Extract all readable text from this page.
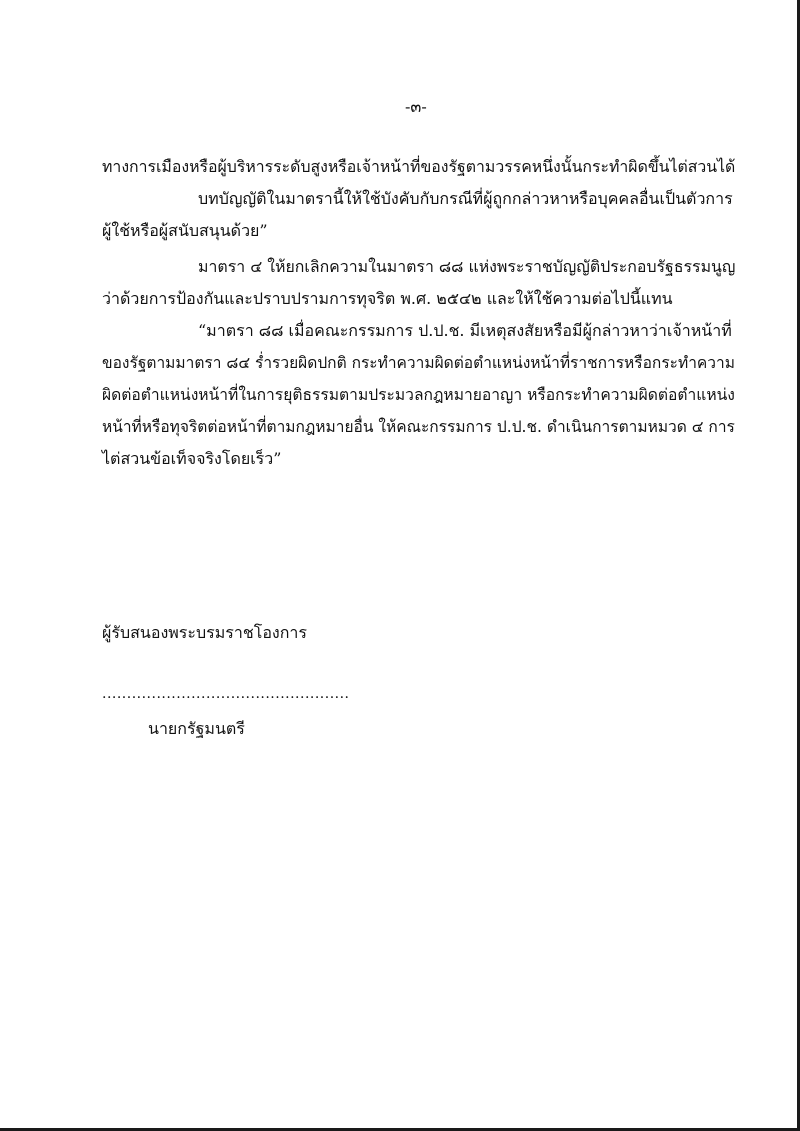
-๓-
ทางการเมืองหรือผู้บริหารระดับสูงหรือเจ้าหน้าที่ของรัฐตามวรรคหนึ่งนั้นกระทำผิดขึ้นไต่สวนได้
บทบัญญัติในมาตรานี้ให้ใช้บังคับกับกรณีที่ผู้ถูกกล่าวหาหรือบุคคลอื่นเป็นตัวการ
ผู้ใช้หรือผู้สนับสนุนด้วย”
มาตรา ๔ ให้ยกเลิกความในมาตรา ๘๘ แห่งพระราชบัญญัติประกอบรัฐธรรมนูญ
ว่าด้วยการป้องกันและปราบปรามการทุจริต พ.ศ. ๒๕๔๒ และให้ใช้ความต่อไปนี้แทน
“มาตรา ๘๘ เมื่อคณะกรรมการ ป.ป.ช. มีเหตุสงสัยหรือมีผู้กล่าวหาว่าเจ้าหน้าที่
ของรัฐตามมาตรา ๘๔ ร่ำรวยผิดปกติ กระทำความผิดต่อตำแหน่งหน้าที่ราชการหรือกระทำความ
ผิดต่อตำแหน่งหน้าที่ในการยุติธรรมตามประมวลกฎหมายอาญา หรือกระทำความผิดต่อตำแหน่ง
หน้าที่หรือทุจริตต่อหน้าที่ตามกฎหมายอื่น ให้คณะกรรมการ ป.ป.ช. ดำเนินการตามหมวด ๔ การ
ไต่สวนข้อเท็จจริงโดยเร็ว”
ผู้รับสนองพระบรมราชโองการ
..................................................
นายกรัฐมนตรี
